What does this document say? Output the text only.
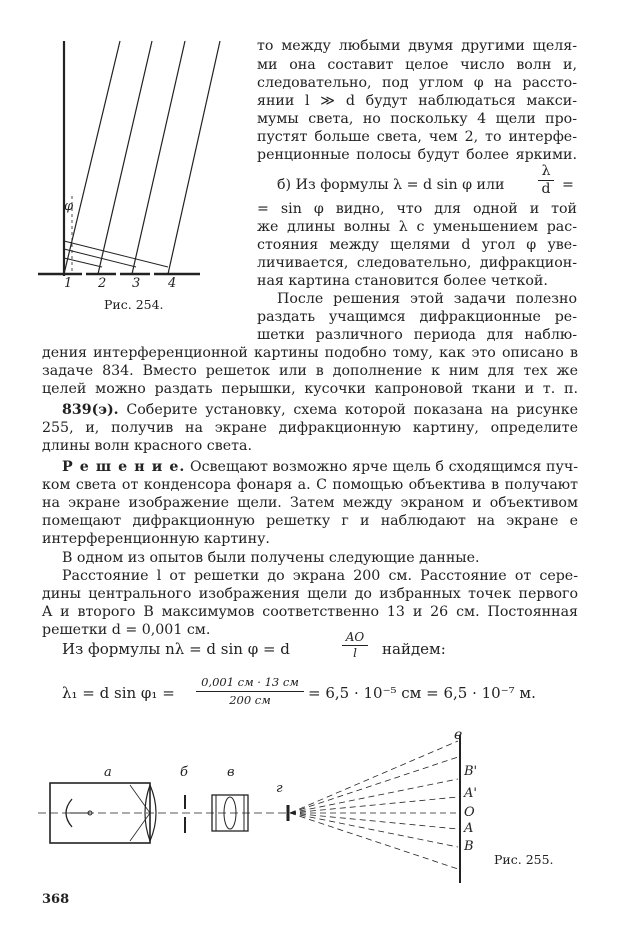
φ
1 2 3 4
Рис. 254.
то между любыми двумя другими щеля-
ми она составит целое число волн и,
следовательно, под углом φ на рассто-
янии l ≫ d будут наблюдаться макси-
мумы света, но поскольку 4 щели про-
пустят больше света, чем 2, то интерфе-
ренционные полосы будут более яркими.
б) Из формулы λ = d sin φ или $\frac{\lambda}{d}$ =
= sin φ видно, что для одной и той
же длины волны λ с уменьшением рас-
стояния между щелями d угол φ уве-
личивается, следовательно, дифракцион-
ная картина становится более четкой.
После решения этой задачи полезно
раздать учащимся дифракционные ре-
шетки различного периода для наблю-
дения интерференционной картины подобно тому, как это описано в
задаче 834. Вместо решеток или в дополнение к ним для тех же
целей можно раздать перышки, кусочки капроновой ткани и т. п.
839(э). Соберите установку, схема которой показана на рисунке
255, и, получив на экране дифракционную картину, определите
длины волн красного света.
Р е ш е н и е. Освещают возможно ярче щель б сходящимся пуч-
ком света от конденсора фонаря а. С помощью объектива в получают
на экране изображение щели. Затем между экраном и объективом
помещают дифракционную решетку г и наблюдают на экране е
интерференционную картину.
В одном из опытов были получены следующие данные.
Расстояние l от решетки до экрана 200 см. Расстояние от сере-
дины центрального изображения щели до избранных точек первого
A и второго B максимумов соответственно 13 и 26 см. Постоянная
решетки d = 0,001 см.
Из формулы nλ = d sin φ = d	$\frac{AO}{l}$ найдем:
λ₁ = d sin φ₁ =
0,001 см · 13 см
200 см	= 6,5 · 10⁻⁵ см = 6,5 · 10⁻⁷ м.
а	б	в
г
е
B'
A'
O
A
B
Рис. 255.
368
